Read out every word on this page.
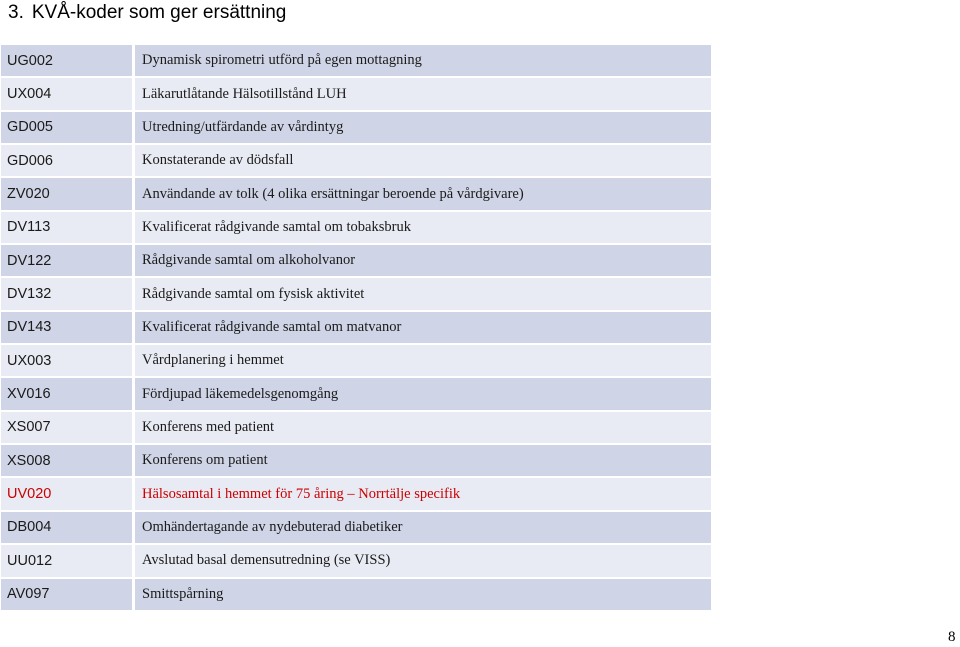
3. KVÅ-koder som ger ersättning
UG002	Dynamisk spirometri utförd på egen mottagning
UX004	Läkarutlåtande Hälsotillstånd LUH
GD005	Utredning/utfärdande av vårdintyg
GD006	Konstaterande av dödsfall
ZV020	Användande av tolk (4 olika ersättningar beroende på vårdgivare)
DV113	Kvalificerat rådgivande samtal om tobaksbruk
DV122	Rådgivande samtal om alkoholvanor
DV132	Rådgivande samtal om fysisk aktivitet
DV143	Kvalificerat rådgivande samtal om matvanor
UX003	Vårdplanering i hemmet
XV016	Fördjupad läkemedelsgenomgång
XS007	Konferens med patient
XS008	Konferens om patient
UV020	Hälsosamtal i hemmet för 75 åring – Norrtälje specifik
DB004	Omhändertagande av nydebuterad diabetiker
UU012	Avslutad basal demensutredning (se VISS)
AV097	Smittspårning
8
